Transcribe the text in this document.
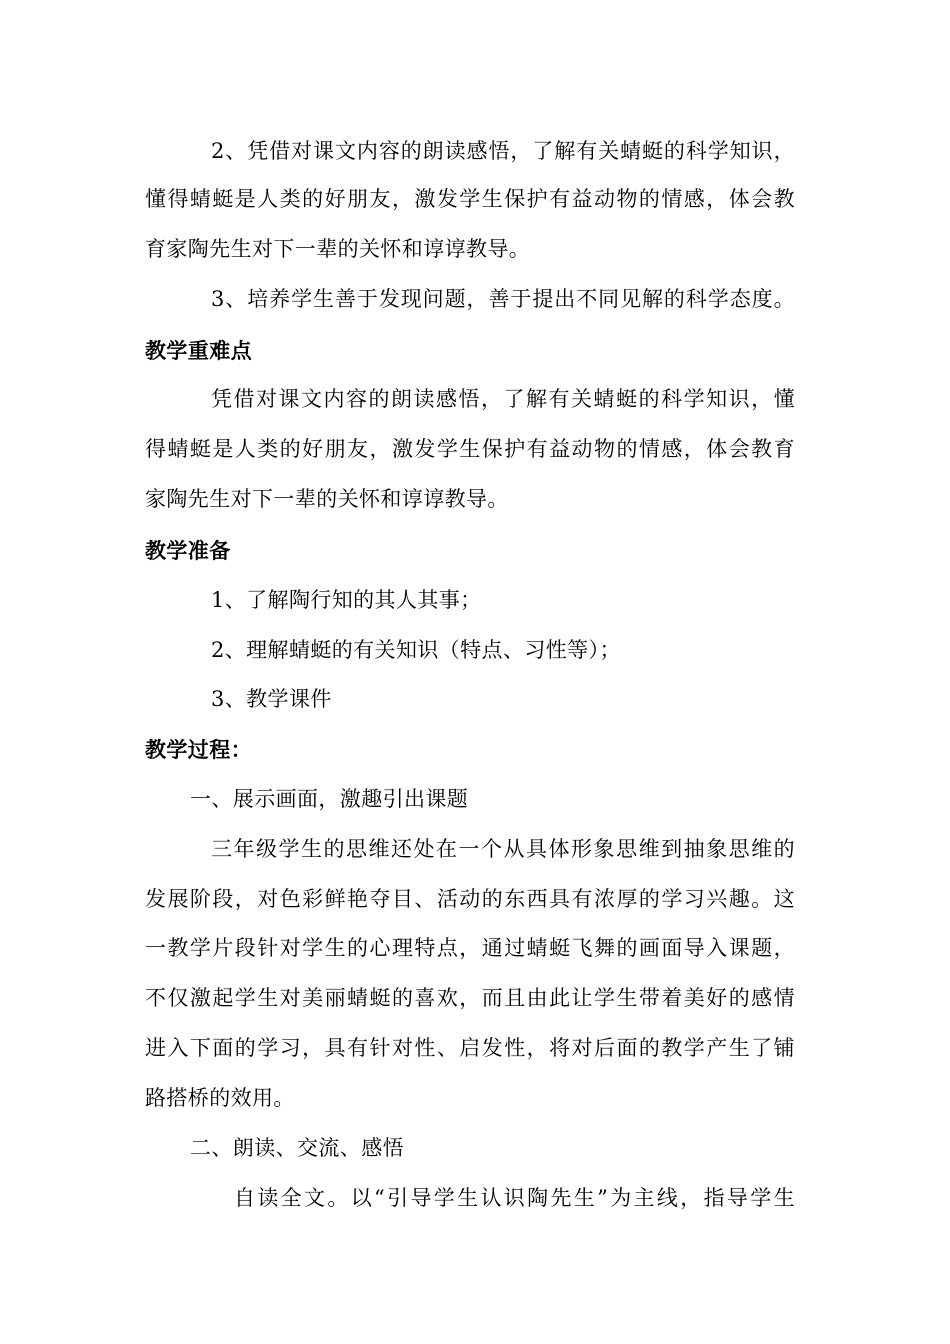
2、凭借对课文内容的朗读感悟，了解有关蜻蜓的科学知识，
懂得蜻蜓是人类的好朋友，激发学生保护有益动物的情感，体会教
育家陶先生对下一辈的关怀和谆谆教导。
3、培养学生善于发现问题，善于提出不同见解的科学态度。
教学重难点
凭借对课文内容的朗读感悟，了解有关蜻蜓的科学知识，懂
得蜻蜓是人类的好朋友，激发学生保护有益动物的情感，体会教育
家陶先生对下一辈的关怀和谆谆教导。
教学准备
1、了解陶行知的其人其事；
2、理解蜻蜓的有关知识（特点、习性等）；
3、教学课件
教学过程：
一、展示画面，激趣引出课题
三年级学生的思维还处在一个从具体形象思维到抽象思维的
发展阶段，对色彩鲜艳夺目、活动的东西具有浓厚的学习兴趣。这
一教学片段针对学生的心理特点，通过蜻蜓飞舞的画面导入课题，
不仅激起学生对美丽蜻蜓的喜欢，而且由此让学生带着美好的感情
进入下面的学习，具有针对性、启发性，将对后面的教学产生了铺
路搭桥的效用。
二、朗读、交流、感悟
自读全文。以“引导学生认识陶先生”为主线，指导学生
